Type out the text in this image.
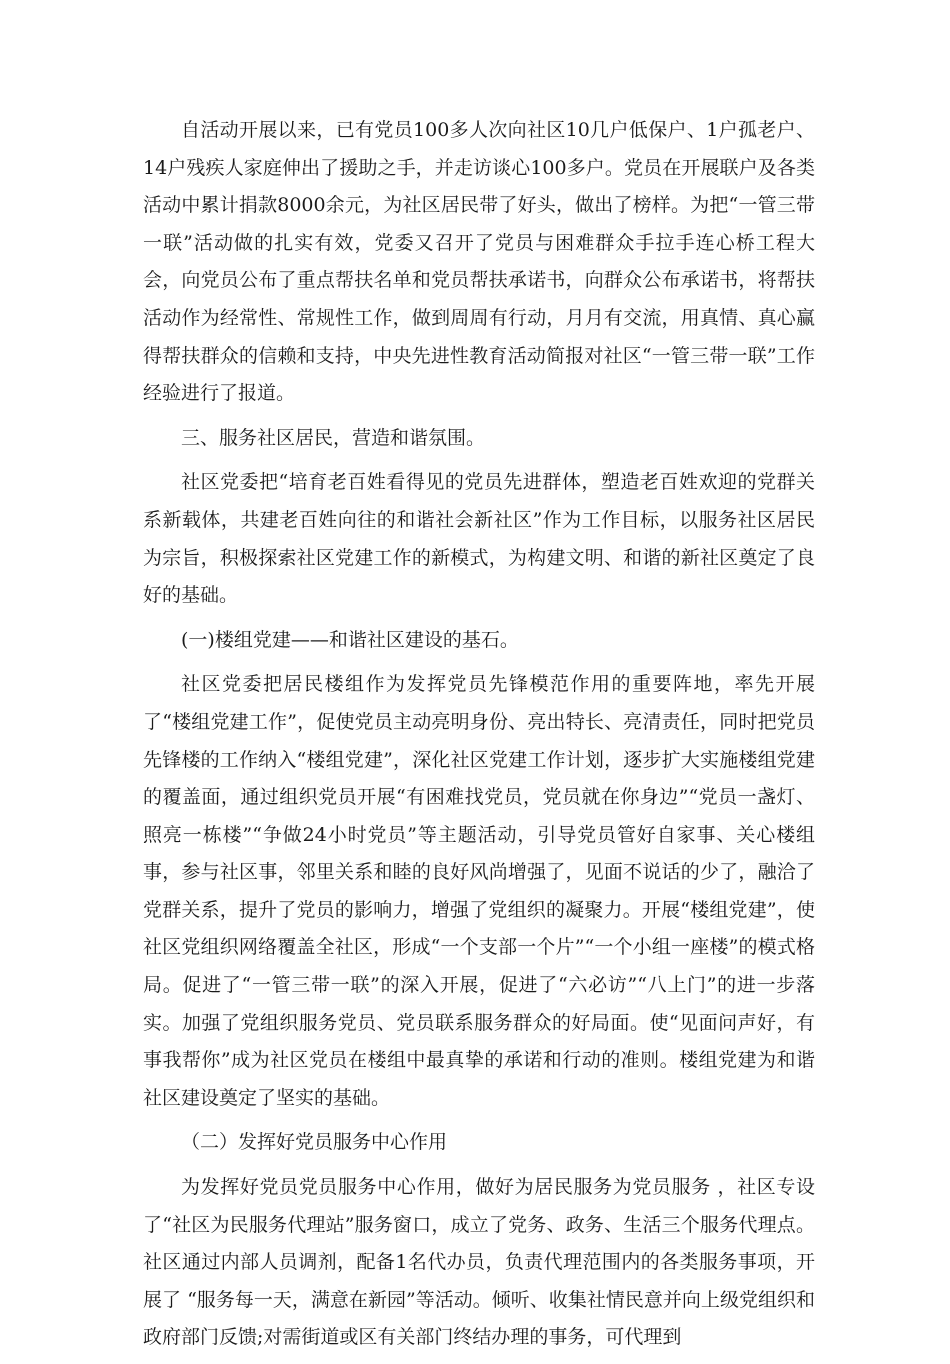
自活动开展以来，已有党员100多人次向社区10几户低保户、1户孤老户、14户残疾人家庭伸出了援助之手，并走访谈心100多户。党员在开展联户及各类活动中累计捐款8000余元，为社区居民带了好头，做出了榜样。为把“一管三带一联”活动做的扎实有效，党委又召开了党员与困难群众手拉手连心桥工程大会，向党员公布了重点帮扶名单和党员帮扶承诺书，向群众公布承诺书，将帮扶活动作为经常性、常规性工作，做到周周有行动，月月有交流，用真情、真心赢得帮扶群众的信赖和支持，中央先进性教育活动简报对社区“一管三带一联”工作经验进行了报道。

三、服务社区居民，营造和谐氛围。

社区党委把“培育老百姓看得见的党员先进群体，塑造老百姓欢迎的党群关系新载体，共建老百姓向往的和谐社会新社区”作为工作目标，以服务社区居民为宗旨，积极探索社区党建工作的新模式，为构建文明、和谐的新社区奠定了良好的基础。

(一)楼组党建——和谐社区建设的基石。

社区党委把居民楼组作为发挥党员先锋模范作用的重要阵地，率先开展了“楼组党建工作”，促使党员主动亮明身份、亮出特长、亮清责任，同时把党员先锋楼的工作纳入“楼组党建”，深化社区党建工作计划，逐步扩大实施楼组党建的覆盖面，通过组织党员开展“有困难找党员，党员就在你身边”“党员一盏灯、照亮一栋楼”“争做24小时党员”等主题活动，引导党员管好自家事、关心楼组事，参与社区事，邻里关系和睦的良好风尚增强了，见面不说话的少了，融洽了党群关系，提升了党员的影响力，增强了党组织的凝聚力。开展“楼组党建”，使社区党组织网络覆盖全社区，形成“一个支部一个片”“一个小组一座楼”的模式格局。促进了“一管三带一联”的深入开展，促进了“六必访”“八上门”的进一步落实。加强了党组织服务党员、党员联系服务群众的好局面。使“见面问声好，有事我帮你”成为社区党员在楼组中最真挚的承诺和行动的准则。楼组党建为和谐社区建设奠定了坚实的基础。

（二）发挥好党员服务中心作用

为发挥好党员党员服务中心作用，做好为居民服务为党员服务 ，社区专设了“社区为民服务代理站”服务窗口，成立了党务、政务、生活三个服务代理点。社区通过内部人员调剂，配备1名代办员，负责代理范围内的各类服务事项，开展了 “服务每一天，满意在新园”等活动。倾听、收集社情民意并向上级党组织和政府部门反馈;对需街道或区有关部门终结办理的事务，可代理到
